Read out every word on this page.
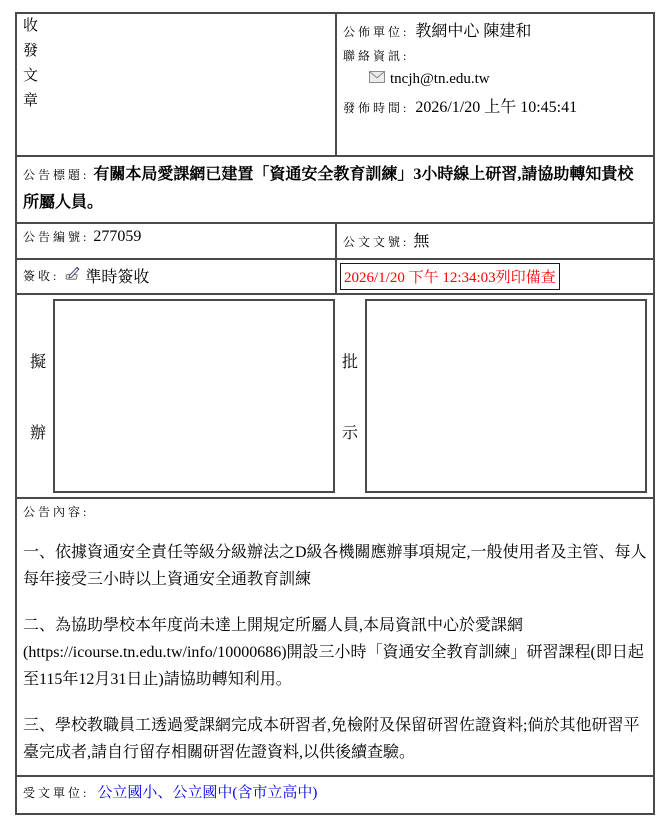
收
發
文
章

公佈單位: 教網中心 陳建和
聯絡資訊:
tncjh@tn.edu.tw
發佈時間: 2026/1/20 上午 10:45:41

公告標題: 有關本局愛課網已建置「資通安全教育訓練」3小時線上研習,請協助轉知貴校所屬人員。	
公告編號: 277059	公文文號: 無

簽收: 準時簽收	2026/1/20 下午 12:34:03列印備查

擬
辦
批
示	

公告內容:

一、依據資通安全責任等級分級辦法之D級各機關應辦事項規定,一般使用者及主管、每人每年接受三小時以上資通安全通教育訓練

二、為協助學校本年度尚未達上開規定所屬人員,本局資訊中心於愛課網(https://icourse.tn.edu.tw/info/10000686)開設三小時「資通安全教育訓練」研習課程(即日起至115年12月31日止)請協助轉知利用。

三、學校教職員工透過愛課網完成本研習者,免檢附及保留研習佐證資料;倘於其他研習平臺完成者,請自行留存相關研習佐證資料,以供後續查驗。	

受文單位: 公立國小、公立國中(含市立高中)	
